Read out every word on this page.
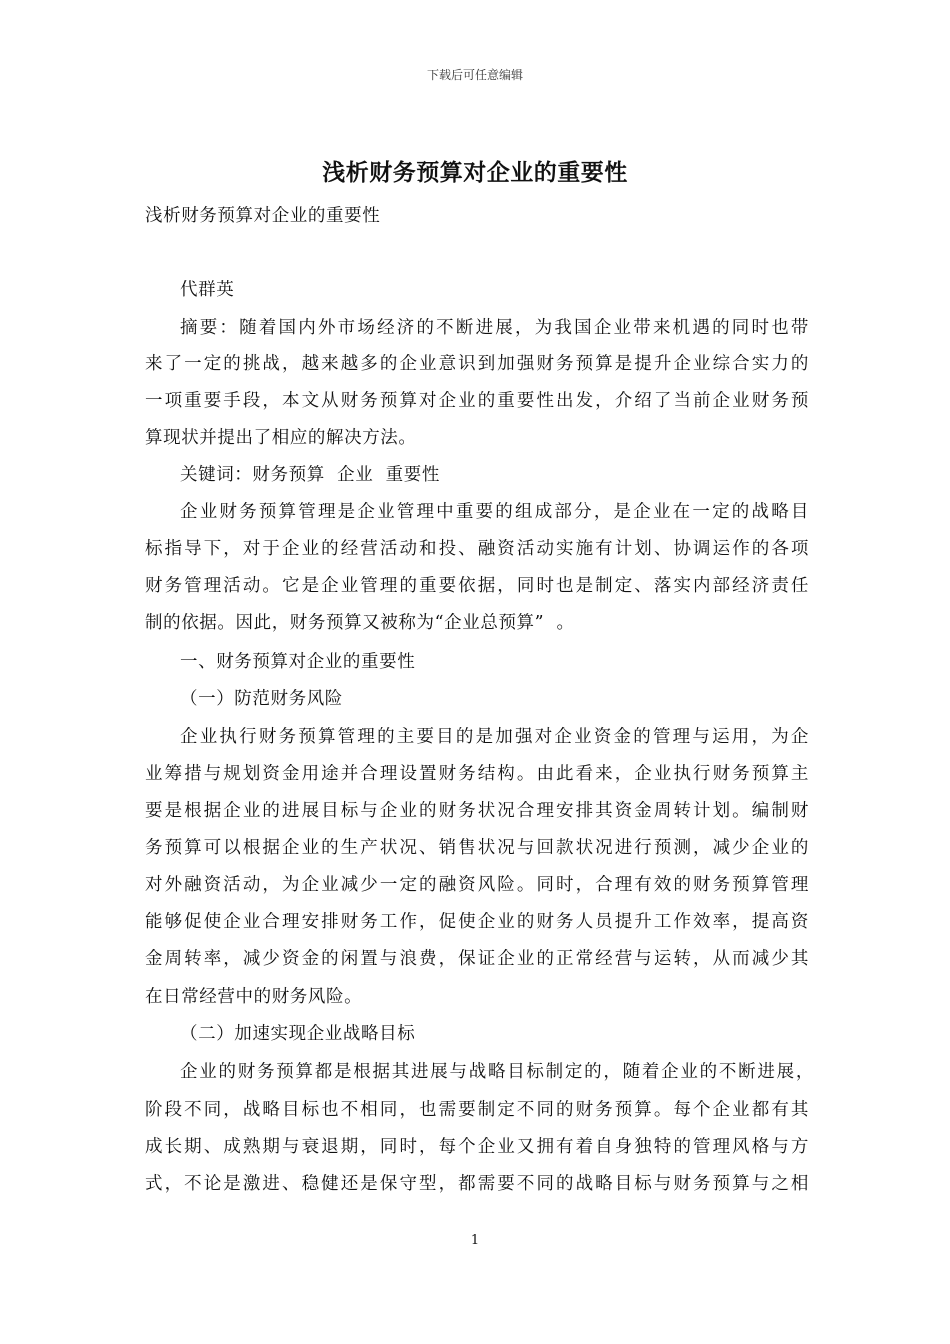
下载后可任意编辑
浅析财务预算对企业的重要性
浅析财务预算对企业的重要性
代群英
摘要：随着国内外市场经济的不断进展，为我国企业带来机遇的同时也带
来了一定的挑战，越来越多的企业意识到加强财务预算是提升企业综合实力的
一项重要手段，本文从财务预算对企业的重要性出发，介绍了当前企业财务预
算现状并提出了相应的解决方法。
关键词：财务预算  企业  重要性
企业财务预算管理是企业管理中重要的组成部分，是企业在一定的战略目
标指导下，对于企业的经营活动和投、融资活动实施有计划、协调运作的各项
财务管理活动。它是企业管理的重要依据，同时也是制定、落实内部经济责任
制的依据。因此，财务预算又被称为“企业总预算”  。
一、财务预算对企业的重要性
（一）防范财务风险
企业执行财务预算管理的主要目的是加强对企业资金的管理与运用，为企
业筹措与规划资金用途并合理设置财务结构。由此看来，企业执行财务预算主
要是根据企业的进展目标与企业的财务状况合理安排其资金周转计划。编制财
务预算可以根据企业的生产状况、销售状况与回款状况进行预测，减少企业的
对外融资活动，为企业减少一定的融资风险。同时，合理有效的财务预算管理
能够促使企业合理安排财务工作，促使企业的财务人员提升工作效率，提高资
金周转率，减少资金的闲置与浪费，保证企业的正常经营与运转，从而减少其
在日常经营中的财务风险。
（二）加速实现企业战略目标
企业的财务预算都是根据其进展与战略目标制定的，随着企业的不断进展，
阶段不同，战略目标也不相同，也需要制定不同的财务预算。每个企业都有其
成长期、成熟期与衰退期，同时，每个企业又拥有着自身独特的管理风格与方
式，不论是激进、稳健还是保守型，都需要不同的战略目标与财务预算与之相
1
